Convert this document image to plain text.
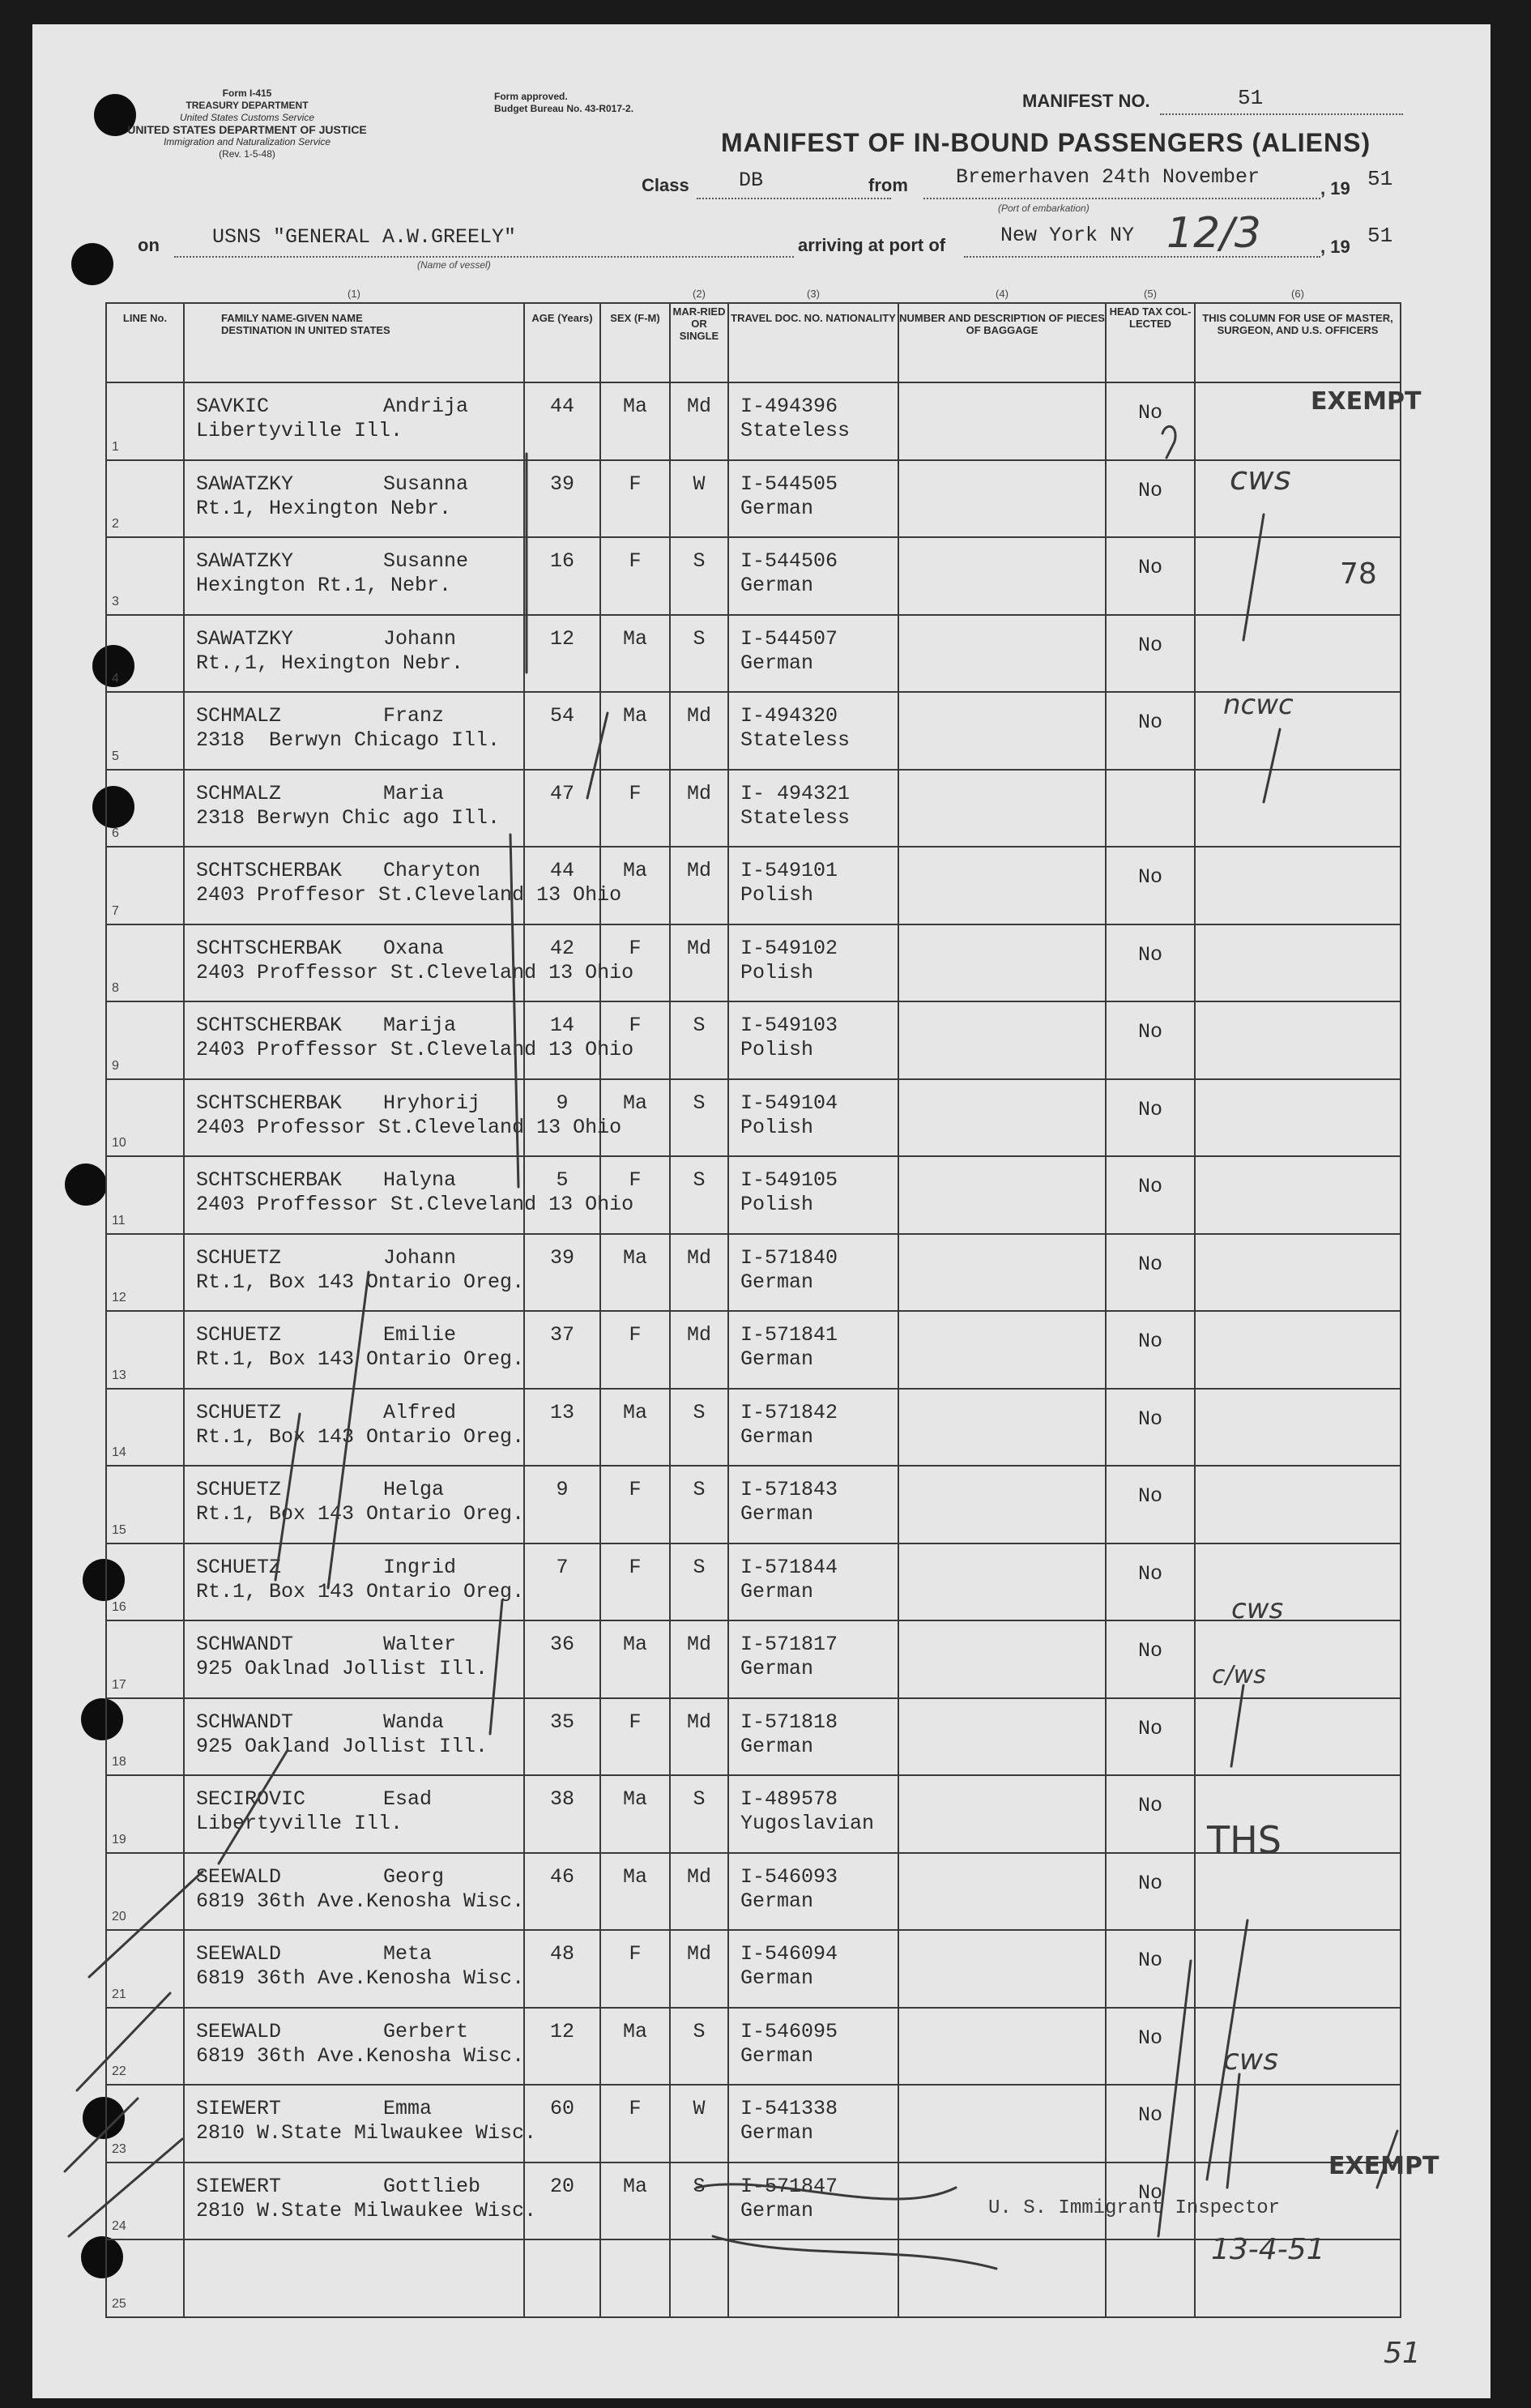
Form I-415
TREASURY DEPARTMENT
United States Customs Service
UNITED STATES DEPARTMENT OF JUSTICE
Immigration and Naturalization Service
(Rev. 1-5-48)
Form approved.
Budget Bureau No. 43-R017-2.	MANIFEST NO.	51
MANIFEST OF IN-BOUND PASSENGERS (ALIENS)
Class DB	from Bremerhaven 24th November	, 19 51
(Port of embarkation)
on	USNS "GENERAL A.W.GREELY"
(Name of vessel)
arriving at port of	New York NY 12/3	, 19 51
	(1)			(2)	(3)	(4)	(5)	(6)
LINE No.	FAMILY NAME-GIVEN NAME DESTINATION IN UNITED STATES	AGE (Years)	SEX (F-M)	MAR-RIED OR SINGLE	TRAVEL DOC. NO. NATIONALITY	NUMBER AND DESCRIPTION OF PIECES OF BAGGAGE	HEAD TAX COL-LECTED	THIS COLUMN FOR USE OF MASTER, SURGEON, AND U.S. OFFICERS

1	SAVKIC Andrija
Libertyville Ill.	44	Ma	Md	I-494396
Stateless		No	

2	SAWATZKY Susanna
Rt.1, Hexington Nebr.	39	F	W	I-544505
German		No	

3	SAWATZKY Susanne
Hexington Rt.1, Nebr.	16	F	S	I-544506
German		No	

4	SAWATZKY Johann
Rt.,1, Hexington Nebr.	12	Ma	S	I-544507
German		No	

5	SCHMALZ Franz
2318  Berwyn Chicago Ill.	54	Ma	Md	I-494320
Stateless		No	

6	SCHMALZ Maria
2318 Berwyn Chic ago Ill.	47	F	Md	I- 494321
Stateless			

7	SCHTSCHERBAK Charyton
2403 Proffesor St.Cleveland 13 Ohio	44	Ma	Md	I-549101
Polish		No	

8	SCHTSCHERBAK Oxana
2403 Proffessor St.Cleveland 13 Ohio	42	F	Md	I-549102
Polish		No	

9	SCHTSCHERBAK Marija
2403 Proffessor St.Cleveland 13 Ohio	14	F	S	I-549103
Polish		No	

10	SCHTSCHERBAK Hryhorij
2403 Professor St.Cleveland 13 Ohio	9	Ma	S	I-549104
Polish		No	

11	SCHTSCHERBAK Halyna
2403 Proffessor St.Cleveland 13 Ohio	5	F	S	I-549105
Polish		No	

12	SCHUETZ Johann
Rt.1, Box 143 Ontario Oreg.	39	Ma	Md	I-571840
German		No	

13	SCHUETZ Emilie
Rt.1, Box 143 Ontario Oreg.	37	F	Md	I-571841
German		No	

14	SCHUETZ Alfred
Rt.1, Box 143 Ontario Oreg.	13	Ma	S	I-571842
German		No	

15	SCHUETZ Helga
Rt.1, Box 143 Ontario Oreg.	9	F	S	I-571843
German		No	

16	SCHUETZ Ingrid
Rt.1, Box 143 Ontario Oreg.	7	F	S	I-571844
German		No	

17	SCHWANDT Walter
925 Oaklnad Jollist Ill.	36	Ma	Md	I-571817
German		No	

18	SCHWANDT Wanda
925 Oakland Jollist Ill.	35	F	Md	I-571818
German		No	

19	SECIROVIC Esad
Libertyville Ill.	38	Ma	S	I-489578
Yugoslavian		No	

20	SEEWALD Georg
6819 36th Ave.Kenosha Wisc.	46	Ma	Md	I-546093
German		No	

21	SEEWALD Meta
6819 36th Ave.Kenosha Wisc.	48	F	Md	I-546094
German		No	

22	SEEWALD Gerbert
6819 36th Ave.Kenosha Wisc.	12	Ma	S	I-546095
German		No	

23	SIEWERT Emma
2810 W.State Milwaukee Wisc.	60	F	W	I-541338
German		No	

24	SIEWERT Gottlieb
2810 W.State Milwaukee Wisc.	20	Ma	S	I-571847
German		No	

25								

EXEMPT
cws
78
ncwc
cws
c/ws
THS
cws
EXEMPT
U. S. Immigrant Inspector
13-4-51
51
